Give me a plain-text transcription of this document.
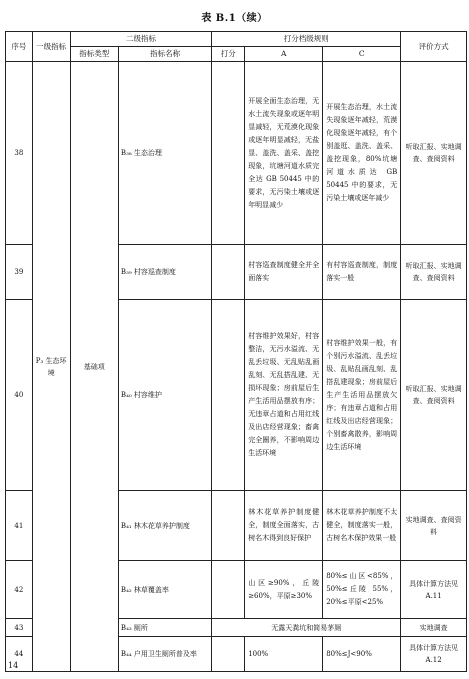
表 B.1（续）
序号	一级指标	二级指标		打分档级规则			评价方式
		指标类型	指标名称	打分	A	C	
38	P₃ 生态环境	基础项	B₃₈ 生态治理		开展全面生态治理，无水土流失现象或逐年明显减轻，无荒漠化现象或逐年明显减轻，无盐显、盖洗、盖采、盖挖现象，坑塘河道水质完全达 GB 50445 中的要求，无污染土壤或逐年明显减少	开展生态治理，水土流失现象逐年减轻，荒漠化现象逐年减轻，有个别盖逛、盖洗、盖采、盖挖现象，80%坑塘河道水质达 GB 50445 中的要求，无污染土壤或逐年减少	听取汇报、实地调查、查阅资料
39			B₃₉ 村容巡查制度		村容巡查制度健全并全面落实	有村容巡查制度，制度落实一般	听取汇报、实地调查、查阅资料
40			B₄₀ 村容维护		村容维护效果好，村容整洁，无污水溢流、无乱丢垃圾、无乱贴乱画乱刻、无乱搭乱建、无损坏现象；房前屋后生产生活用品摆放有序；无违章占道和占用红线及出店经营现象；畜禽完全圈养，不影响周边生活环境	村容维护效果一般，有个别污水溢流、乱丢垃圾、乱贴乱画乱刻、乱搭乱建现象；房前屋后生产生活用品摆放欠序；有违章占道和占用红线及出店经营现象；个别畜禽散养，影响周边生活环境	听取汇报、实地调查、查阅资料
41			B₄₁ 林木花草养护制度		林木花草养护制度健全，制度全面落实，古树名木得到良好保护	林木花草养护制度不太健全，制度落实一般，古树名木保护效果一般	实地调查、查阅资料
42			B₄₂ 林草覆盖率		山区≥90%，丘陵≥60%，平原≥30%	80%≤山区<85%，50%≤丘陵 55%，20%≤平原<25%	具体计算方法见 A.11
43			B₄₃ 厕所	无露天粪坑和简易茅厕			实地调查
44			B₄₄ 户用卫生厕所普及率		100%	80%≤J<90%	具体计算方法见 A.12
14
